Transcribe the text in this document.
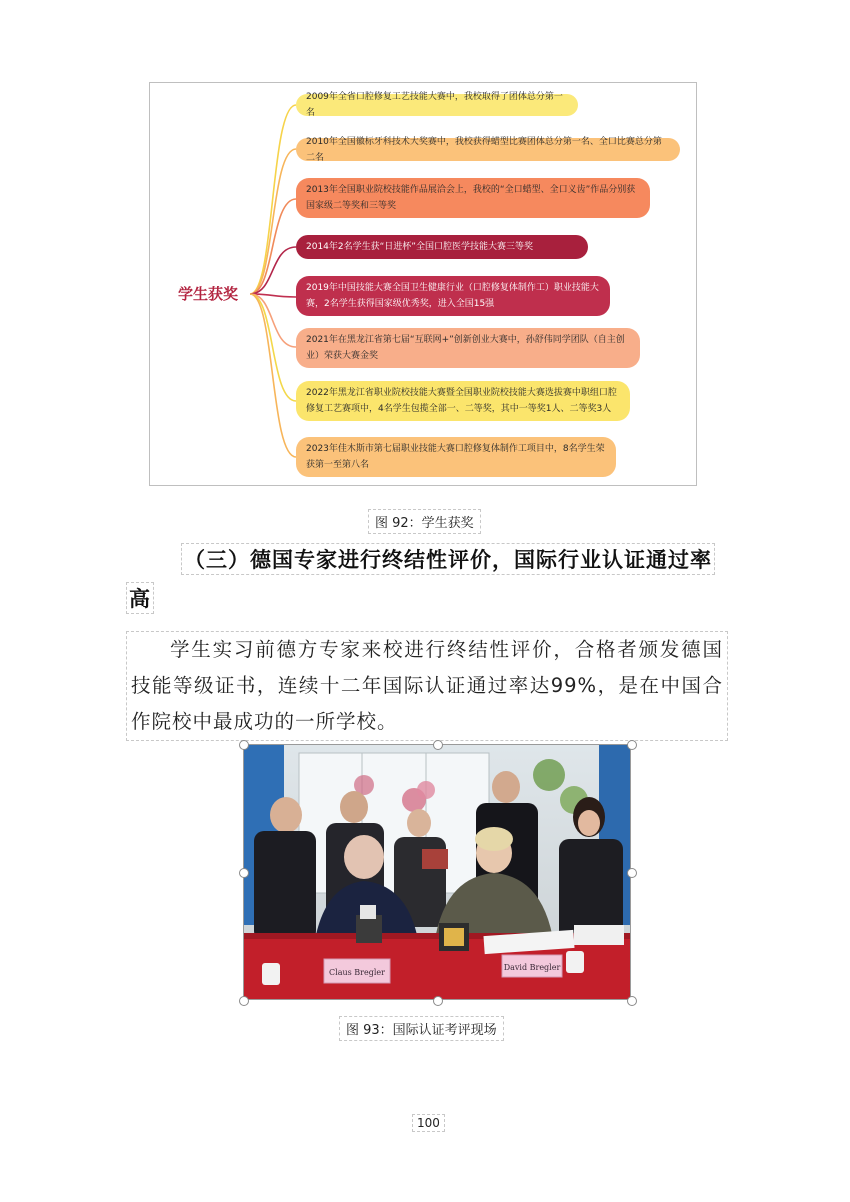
学生获奖
2009年全省口腔修复工艺技能大赛中，我校取得了团体总分第一名
2010年全国徽标牙科技术大奖赛中，我校获得蜡型比赛团体总分第一名、全口比赛总分第二名
2013年全国职业院校技能作品展洽会上，我校的“全口蜡型、全口义齿”作品分别获国家级二等奖和三等奖
2014年2名学生获“日进杯”全国口腔医学技能大赛三等奖
2019年中国技能大赛全国卫生健康行业（口腔修复体制作工）职业技能大赛，2名学生获得国家级优秀奖，进入全国15强
2021年在黑龙江省第七届“互联网+”创新创业大赛中，孙舒伟同学团队（自主创业）荣获大赛金奖
2022年黑龙江省职业院校技能大赛暨全国职业院校技能大赛选拔赛中职组口腔修复工艺赛项中，4名学生包揽全部一、二等奖，其中一等奖1人、二等奖3人
2023年佳木斯市第七届职业技能大赛口腔修复体制作工项目中，8名学生荣获第一至第八名
图 92：学生获奖
（三）德国专家进行终结性评价，国际行业认证通过率
高
学生实习前德方专家来校进行终结性评价，合格者颁发德国技能等级证书，连续十二年国际认证通过率达99%，是在中国合作院校中最成功的一所学校。
Claus Bregler
David Bregler
图 93：国际认证考评现场
100
